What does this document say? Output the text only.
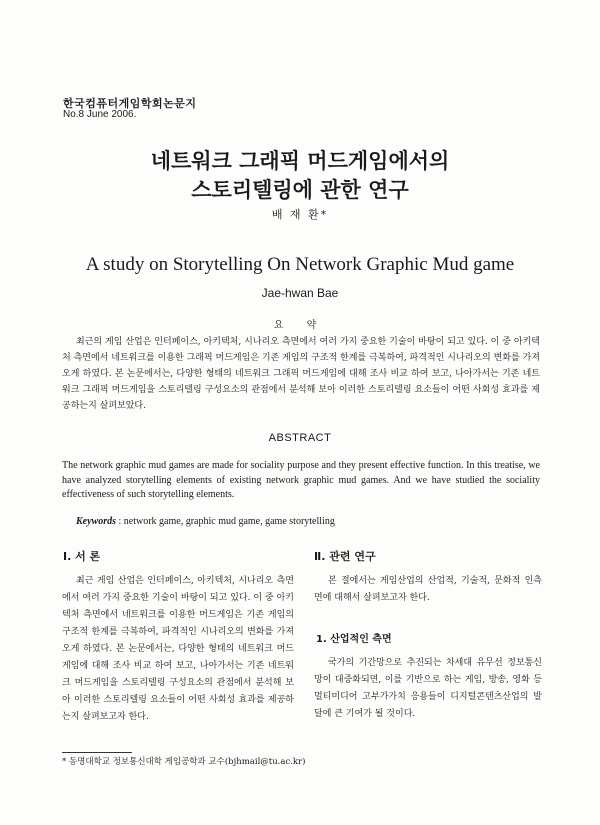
한국컴퓨터게임학회논문지
No.8 June 2006.
네트워크 그래픽 머드게임에서의
스토리텔링에 관한 연구
배 재 환*
A study on Storytelling On Network Graphic Mud game
Jae-hwan Bae
요 약
최근의 게임 산업은 인터페이스, 아키텍처, 시나리오 측면에서 여러 가지 중요한 기술이 바탕이 되고 있다. 이 중 아키텍처 측면에서 네트워크를 이용한 그래픽 머드게임은 기존 게임의 구조적 한계를 극복하여, 파격적인 시나리오의 변화를 가져오게 하였다. 본 논문에서는, 다양한 형태의 네트워크 그래픽 머드게임에 대해 조사 비교 하여 보고, 나아가서는 기존 네트워크 그래픽 머드게임을 스토리텔링 구성요소의 관점에서 분석해 보아 이러한 스토리텔링 요소들이 어떤 사회성 효과를 제공하는지 살펴보았다.
ABSTRACT
The network graphic mud games are made for sociality purpose and they present effective function. In this treatise, we have analyzed storytelling elements of existing network graphic mud games. And we have studied the sociality effectiveness of such storytelling elements.
Keywords : network game, graphic mud game, game storytelling
Ⅰ. 서 론
최근 게임 산업은 인터페이스, 아키텍처, 시나리오 측면에서 여러 가지 중요한 기술이 바탕이 되고 있다. 이 중 아키텍처 측면에서 네트워크를 이용한 머드게임은 기존 게임의 구조적 한계를 극복하여, 파격적인 시나리오의 변화를 가져오게 하였다. 본 논문에서는, 다양한 형태의 네트워크 머드게임에 대해 조사 비교 하여 보고, 나아가서는 기존 네트워크 머드게임을 스토리텔링 구성요소의 관점에서 분석해 보아 이러한 스토리텔링 요소들이 어떤 사회성 효과를 제공하는지 살펴보고자 한다.
Ⅱ. 관련 연구
본 절에서는 게임산업의 산업적, 기술적, 문화적 인측면에 대해서 살펴보고자 한다.
1. 산업적인 측면
국가의 기간망으로 추진되는 차세대 유무선 정보통신망이 대중화되면, 이를 기반으로 하는 게임, 방송, 영화 등 멀티미디어 고부가가치 응용들이 디지털콘텐츠산업의 발달에 큰 기여가 될 것이다.
* 동명대학교 정보통신대학 게임공학과 교수(bjhmail@tu.ac.kr)
